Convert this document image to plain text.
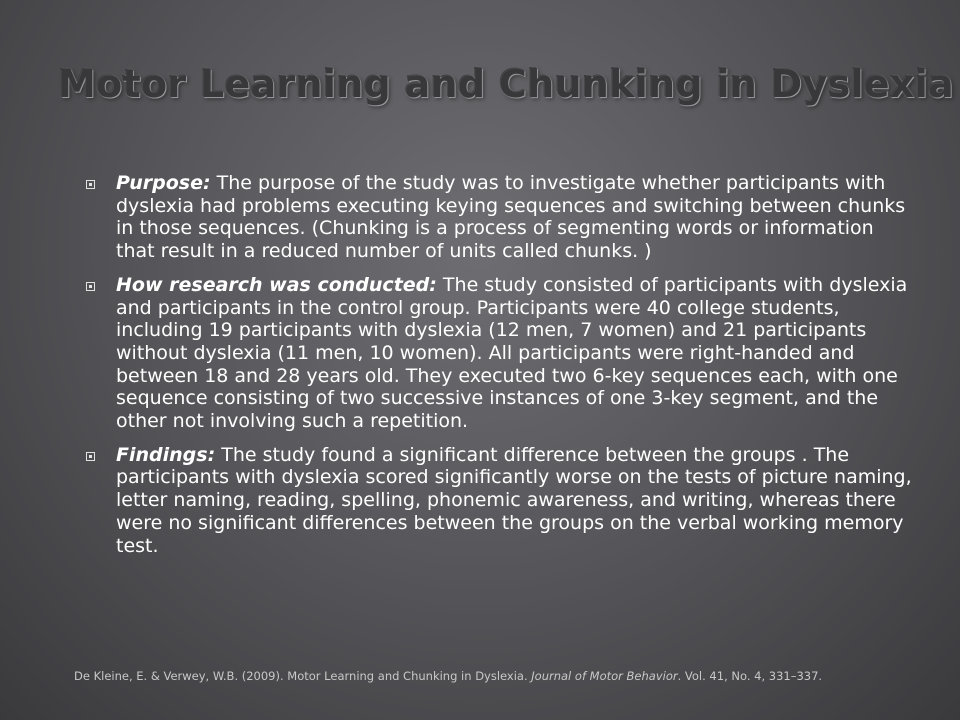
Motor Learning and Chunking in Dyslexia

Purpose: The purpose of the study was to investigate whether participants with dyslexia had problems executing keying sequences and switching between chunks in those sequences. (Chunking is a process of segmenting words or information that result in a reduced number of units called chunks. )

How research was conducted: The study consisted of participants with dyslexia and participants in the control group. Participants were 40 college students, including 19 participants with dyslexia (12 men, 7 women) and 21 participants without dyslexia (11 men, 10 women). All participants were right-handed and between 18 and 28 years old. They executed two 6-key sequences each, with one sequence consisting of two successive instances of one 3-key segment, and the other not involving such a repetition.

Findings: The study found a significant difference between the groups . The participants with dyslexia scored significantly worse on the tests of picture naming, letter naming, reading, spelling, phonemic awareness, and writing, whereas there were no significant differences between the groups on the verbal working memory test.

De Kleine, E. & Verwey, W.B. (2009). Motor Learning and Chunking in Dyslexia. Journal of Motor Behavior. Vol. 41, No. 4, 331–337.
